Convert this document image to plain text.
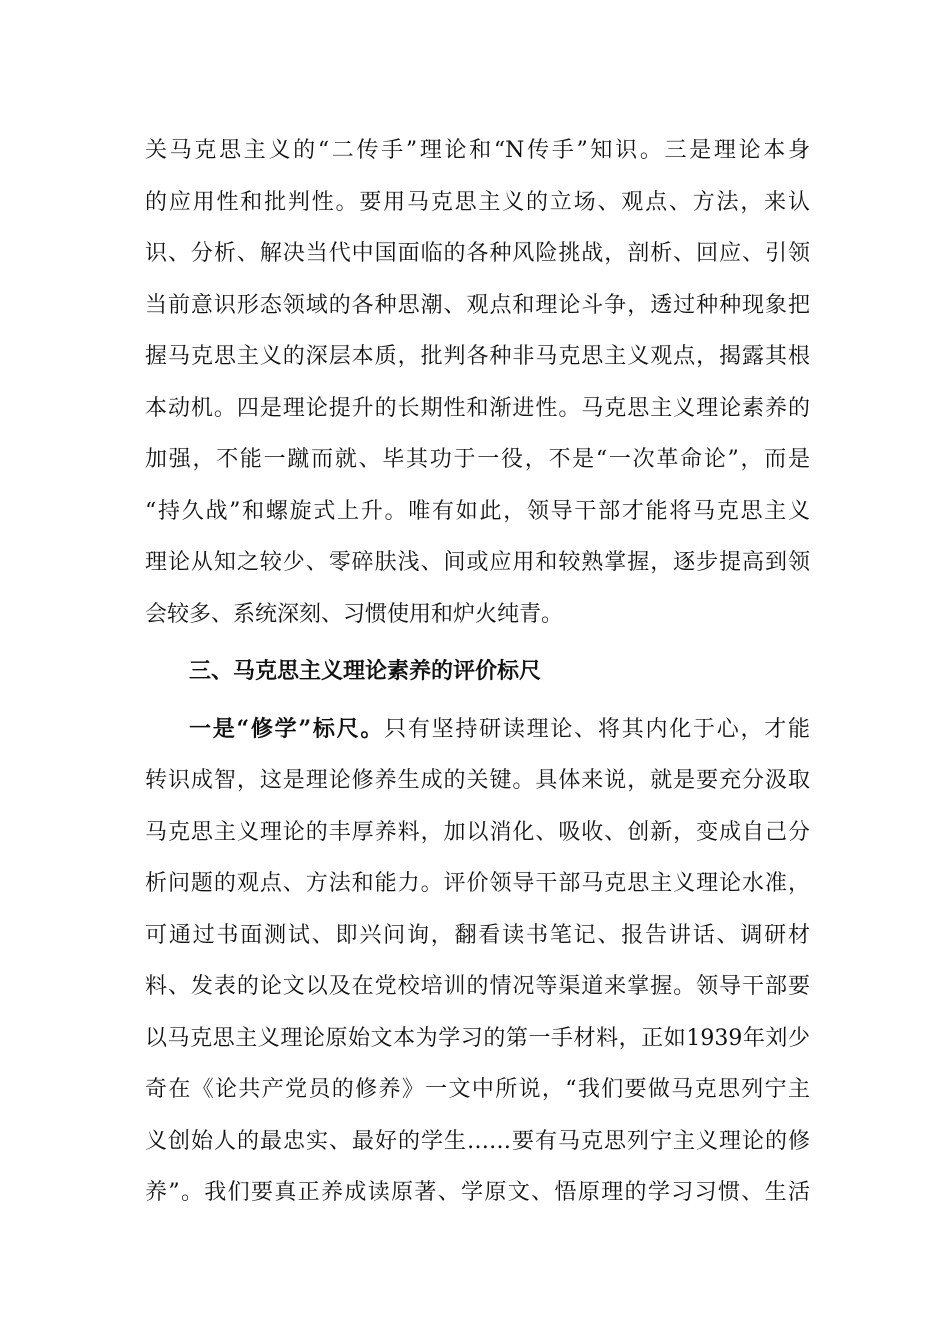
关马克思主义的“二传手”理论和“N传手”知识。三是理论本身
的应用性和批判性。要用马克思主义的立场、观点、方法，来认
识、分析、解决当代中国面临的各种风险挑战，剖析、回应、引领
当前意识形态领域的各种思潮、观点和理论斗争，透过种种现象把
握马克思主义的深层本质，批判各种非马克思主义观点，揭露其根
本动机。四是理论提升的长期性和渐进性。马克思主义理论素养的
加强，不能一蹴而就、毕其功于一役，不是“一次革命论”，而是
“持久战”和螺旋式上升。唯有如此，领导干部才能将马克思主义
理论从知之较少、零碎肤浅、间或应用和较熟掌握，逐步提高到领
会较多、系统深刻、习惯使用和炉火纯青。
三、马克思主义理论素养的评价标尺
一是“修学”标尺。只有坚持研读理论、将其内化于心，才能
转识成智，这是理论修养生成的关键。具体来说，就是要充分汲取
马克思主义理论的丰厚养料，加以消化、吸收、创新，变成自己分
析问题的观点、方法和能力。评价领导干部马克思主义理论水准，
可通过书面测试、即兴问询，翻看读书笔记、报告讲话、调研材
料、发表的论文以及在党校培训的情况等渠道来掌握。领导干部要
以马克思主义理论原始文本为学习的第一手材料，正如1939年刘少
奇在《论共产党员的修养》一文中所说，“我们要做马克思列宁主
义创始人的最忠实、最好的学生……要有马克思列宁主义理论的修
养”。我们要真正养成读原著、学原文、悟原理的学习习惯、生活
